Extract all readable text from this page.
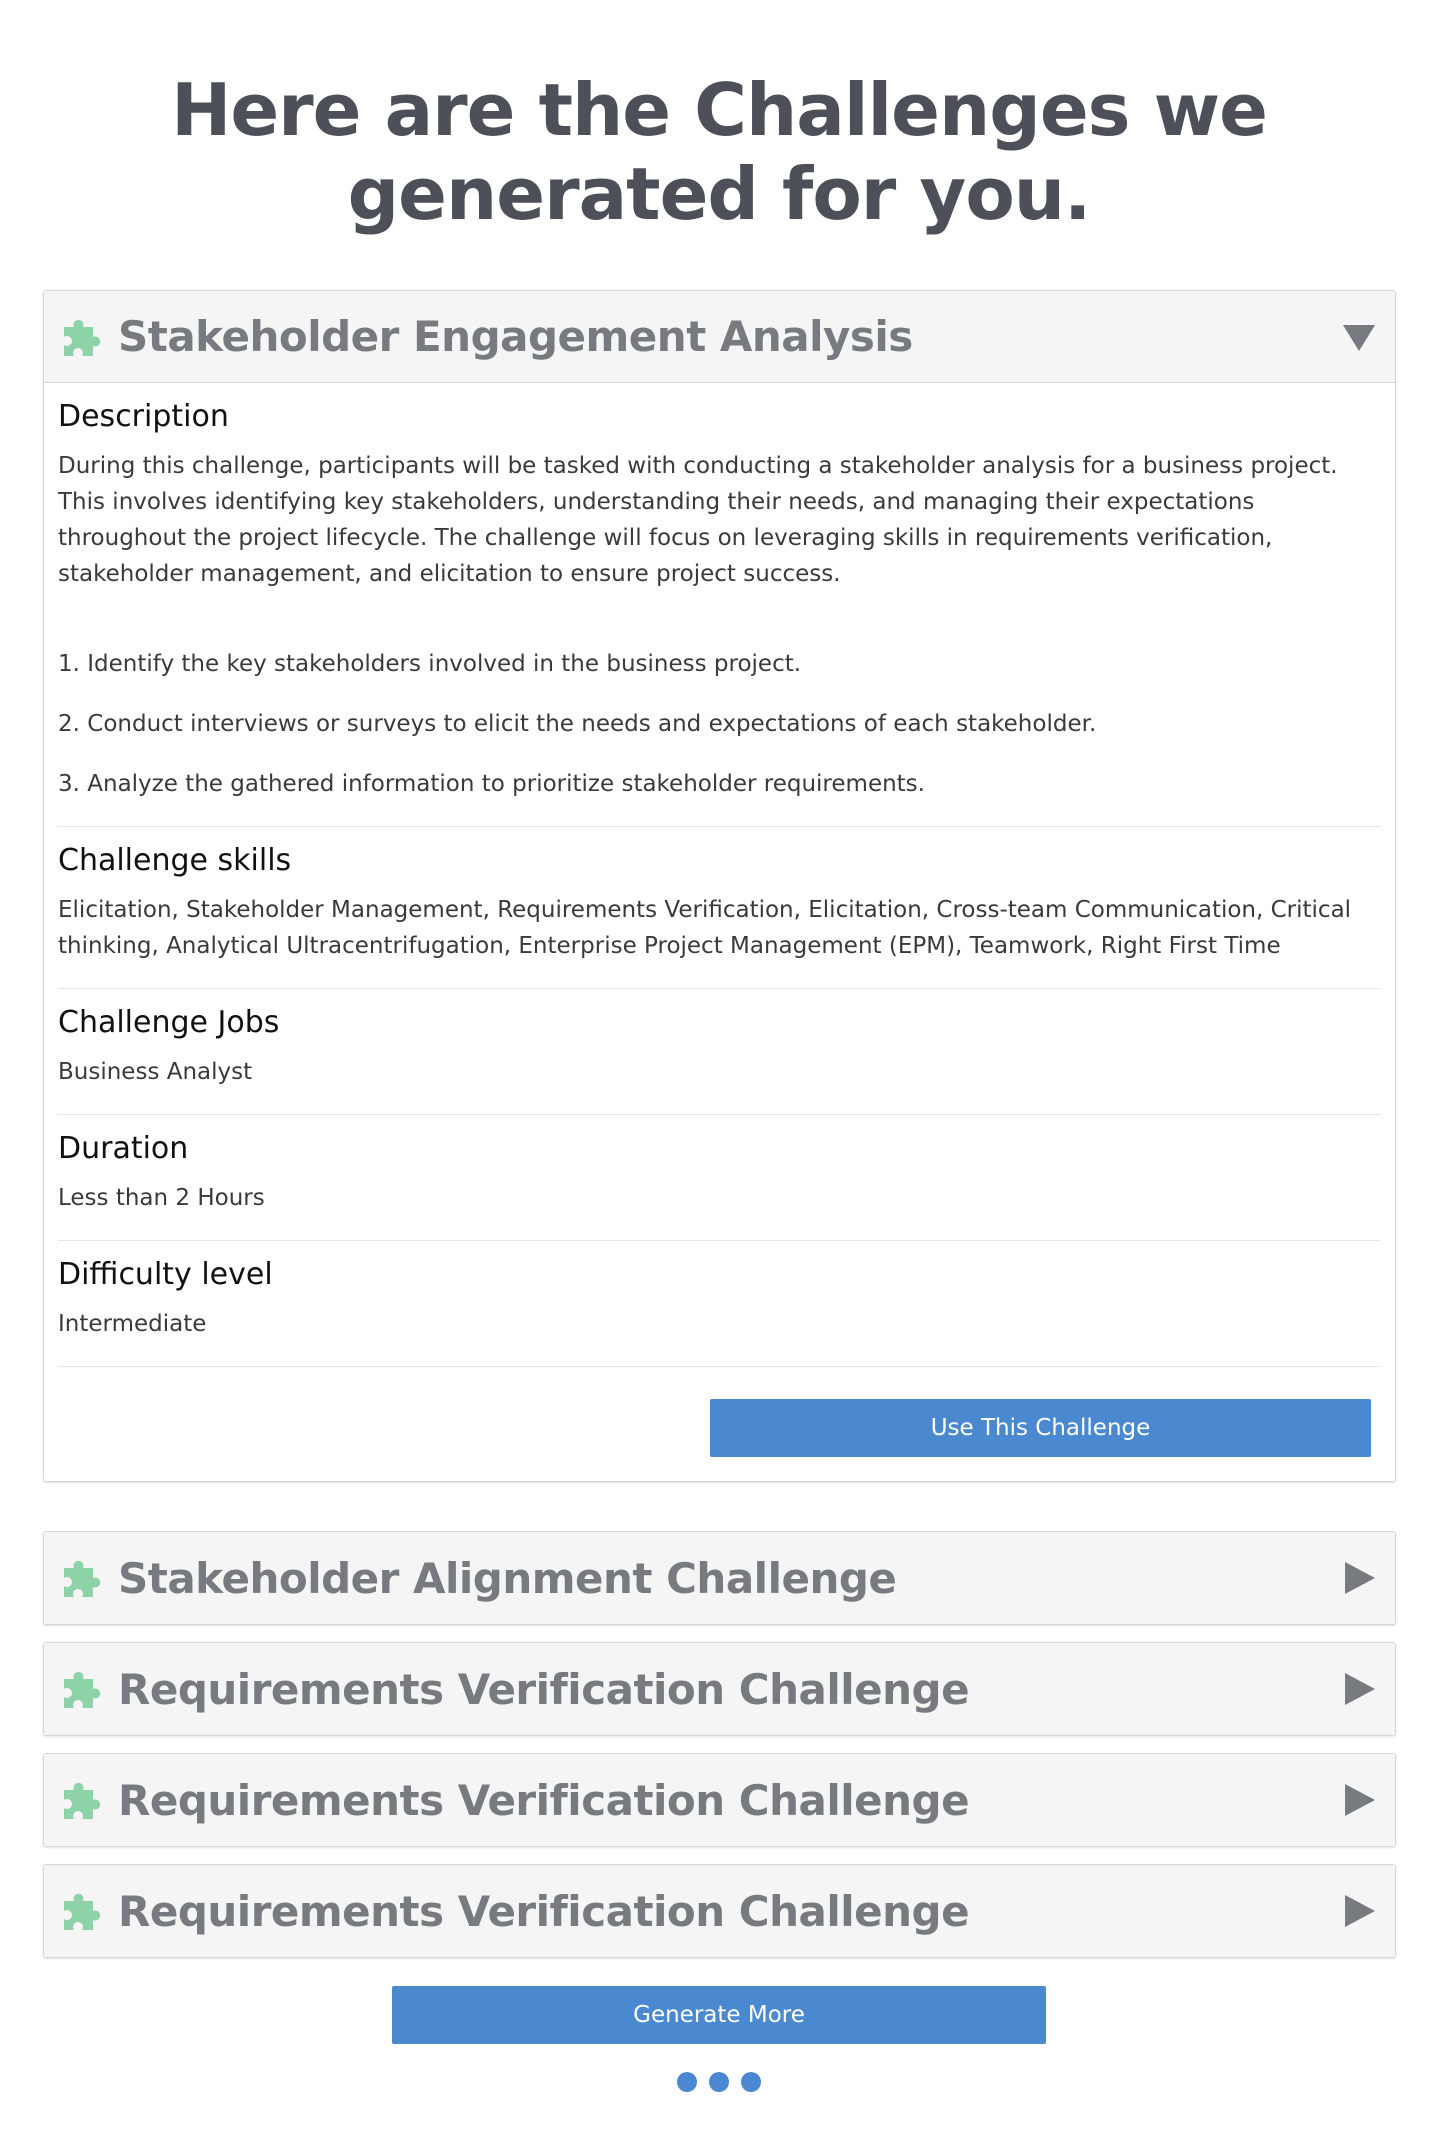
Here are the Challenges we generated for you.
Stakeholder Engagement Analysis
Description

During this challenge, participants will be tasked with conducting a stakeholder analysis for a business project. This involves identifying key stakeholders, understanding their needs, and managing their expectations throughout the project lifecycle. The challenge will focus on leveraging skills in requirements verification, stakeholder management, and elicitation to ensure project success.

1. Identify the key stakeholders involved in the business project.

2. Conduct interviews or surveys to elicit the needs and expectations of each stakeholder.

3. Analyze the gathered information to prioritize stakeholder requirements.

Challenge skills

Elicitation, Stakeholder Management, Requirements Verification, Elicitation, Cross-team Communication, Critical thinking, Analytical Ultracentrifugation, Enterprise Project Management (EPM), Teamwork, Right First Time

Challenge Jobs

Business Analyst

Duration

Less than 2 Hours

Difficulty level

Intermediate

Use This Challenge
Stakeholder Alignment Challenge
Requirements Verification Challenge
Requirements Verification Challenge
Requirements Verification Challenge
Generate More
